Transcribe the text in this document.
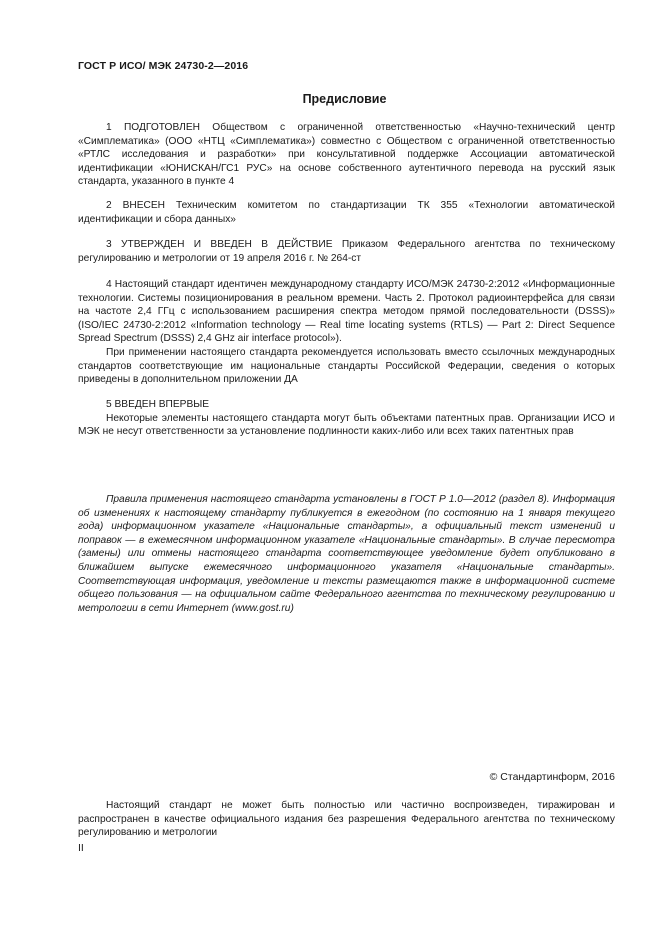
ГОСТ Р ИСО/ МЭК 24730-2—2016
Предисловие

1 ПОДГОТОВЛЕН Обществом с ограниченной ответственностью «Научно-технический центр «Симплематика» (ООО «НТЦ «Симплематика») совместно с Обществом с ограниченной ответственностью «РТЛС исследования и разработки» при консультативной поддержке Ассоциации автоматической идентификации «ЮНИСКАН/ГС1 РУС» на основе собственного аутентичного перевода на русский язык стандарта, указанного в пункте 4

2 ВНЕСЕН Техническим комитетом по стандартизации ТК 355 «Технологии автоматической идентификации и сбора данных»

3 УТВЕРЖДЕН И ВВЕДЕН В ДЕЙСТВИЕ Приказом Федерального агентства по техническому регулированию и метрологии от 19 апреля 2016 г. № 264-ст

4 Настоящий стандарт идентичен международному стандарту ИСО/МЭК 24730-2:2012 «Информационные технологии. Системы позиционирования в реальном времени. Часть 2. Протокол радиоинтерфейса для связи на частоте 2,4 ГГц с использованием расширения спектра методом прямой последовательности (DSSS)» (ISO/IEC 24730-2:2012 «Information technology — Real time locating systems (RTLS) — Part 2: Direct Sequence Spread Spectrum (DSSS) 2,4 GHz air interface protocol»).

При применении настоящего стандарта рекомендуется использовать вместо ссылочных международных стандартов соответствующие им национальные стандарты Российской Федерации, сведения о которых приведены в дополнительном приложении ДА

5 ВВЕДЕН ВПЕРВЫЕ

Некоторые элементы настоящего стандарта могут быть объектами патентных прав. Организации ИСО и МЭК не несут ответственности за установление подлинности каких-либо или всех таких патентных прав

Правила применения настоящего стандарта установлены в ГОСТ Р 1.0—2012 (раздел 8). Информация об изменениях к настоящему стандарту публикуется в ежегодном (по состоянию на 1 января текущего года) информационном указателе «Национальные стандарты», а официальный текст изменений и поправок — в ежемесячном информационном указателе «Национальные стандарты». В случае пересмотра (замены) или отмены настоящего стандарта соответствующее уведомление будет опубликовано в ближайшем выпуске ежемесячного информационного указателя «Национальные стандарты». Соответствующая информация, уведомление и тексты размещаются также в информационной системе общего пользования — на официальном сайте Федерального агентства по техническому регулированию и метрологии в сети Интернет (www.gost.ru)

© Стандартинформ, 2016

Настоящий стандарт не может быть полностью или частично воспроизведен, тиражирован и распространен в качестве официального издания без разрешения Федерального агентства по техническому регулированию и метрологии

II
